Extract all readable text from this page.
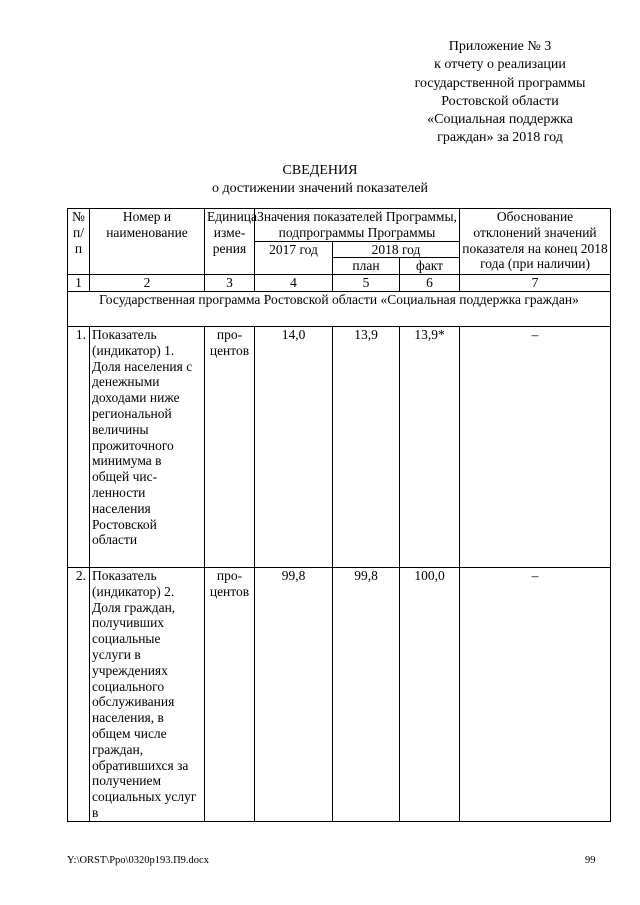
Приложение № 3
к отчету о реализации
государственной программы
Ростовской области
«Социальная поддержка
граждан» за 2018 год
СВЕДЕНИЯ
о достижении значений показателей
№ п/п	Номер и наименование	Единица изме-рения	Значения показателей Программы, подпрограммы Программы			Обоснование отклонений значений показателя на конец 2018 года (при наличии)
			2017 год	2018 год		
				план	факт	
1	2	3	4	5	6	7
Государственная программа Ростовской области «Социальная поддержка граждан»						
1.	Показатель (индикатор) 1. Доля населения с денежными доходами ниже региональной величины прожиточного минимума в общей чис-ленности населения Ростовской области	про-центов	14,0	13,9	13,9*	–
2.	Показатель (индикатор) 2. Доля граждан, получивших социальные услуги в учреждениях социального обслуживания населения, в общем числе граждан, обратившихся за получением социальных услуг в	про-центов	99,8	99,8	100,0	–
Y:\ORST\Ppo\0320p193.П9.docx	99
